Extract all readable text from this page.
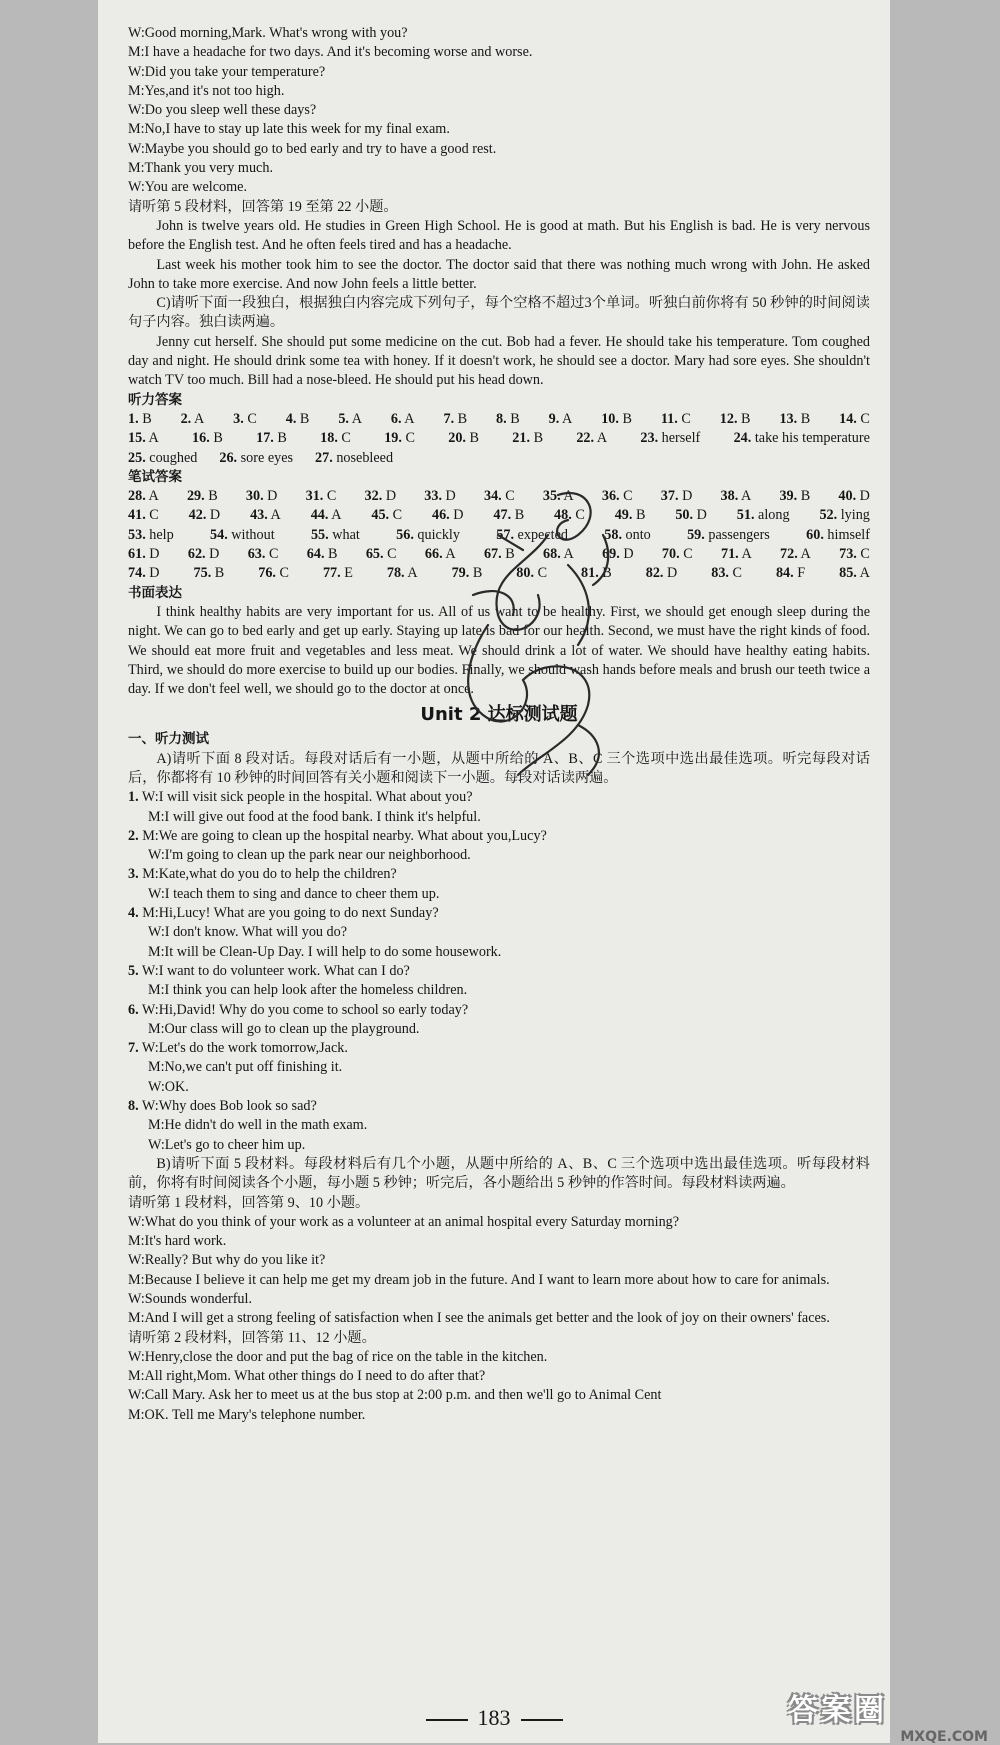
W:Good morning,Mark. What's wrong with you?
M:I have a headache for two days. And it's becoming worse and worse.
W:Did you take your temperature?
M:Yes,and it's not too high.
W:Do you sleep well these days?
M:No,I have to stay up late this week for my final exam.
W:Maybe you should go to bed early and try to have a good rest.
M:Thank you very much.
W:You are welcome.
请听第 5 段材料，回答第 19 至第 22 小题。
John is twelve years old. He studies in Green High School. He is good at math. But his English is bad. He is very nervous before the English test. And he often feels tired and has a headache.
Last week his mother took him to see the doctor. The doctor said that there was nothing much wrong with John. He asked John to take more exercise. And now John feels a little better.
C)请听下面一段独白，根据独白内容完成下列句子，每个空格不超过3个单词。听独白前你将有 50 秒钟的时间阅读句子内容。独白读两遍。
Jenny cut herself. She should put some medicine on the cut. Bob had a fever. He should take his temperature. Tom coughed day and night. He should drink some tea with honey. If it doesn't work, he should see a doctor. Mary had sore eyes. She shouldn't watch TV too much. Bill had a nose-bleed. He should put his head down.
听力答案
1. B 2. A 3. C 4. B 5. A 6. A 7. B 8. B 9. A 10. B 11. C 12. B 13. B 14. C
15. A 16. B 17. B 18. C 19. C 20. B 21. B 22. A 23. herself 24. take his temperature
25. coughed 26. sore eyes 27. nosebleed
笔试答案
28. A 29. B 30. D 31. C 32. D 33. D 34. C 35. A 36. C 37. D 38. A 39. B 40. D
41. C 42. D 43. A 44. A 45. C 46. D 47. B 48. C 49. B 50. D 51. along 52. lying
53. help	54. without	55. what	56. quickly	57. expected	58. onto	59. passengers	60. himself
61. D 62. D 63. C 64. B 65. C 66. A 67. B 68. A 69. D 70. C 71. A 72. A 73. C
74. D 75. B 76. C 77. E 78. A 79. B 80. C 81. B 82. D 83. C 84. F 85. A
书面表达
I think healthy habits are very important for us. All of us want to be healthy. First, we should get enough sleep during the night. We can go to bed early and get up early. Staying up late is bad for our health. Second, we must have the right kinds of food. We should eat more fruit and vegetables and less meat. We should drink a lot of water. We should have healthy eating habits. Third, we should do more exercise to build up our bodies. Finally, we should wash hands before meals and brush our teeth twice a day. If we don't feel well, we should go to the doctor at once.
Unit 2 达标测试题
一、听力测试
A)请听下面 8 段对话。每段对话后有一小题，从题中所给的 A、B、C 三个选项中选出最佳选项。听完每段对话后，你都将有 10 秒钟的时间回答有关小题和阅读下一小题。每段对话读两遍。
1. W:I will visit sick people in the hospital. What about you?
M:I will give out food at the food bank. I think it's helpful.
2. M:We are going to clean up the hospital nearby. What about you,Lucy?
W:I'm going to clean up the park near our neighborhood.
3. M:Kate,what do you do to help the children?
W:I teach them to sing and dance to cheer them up.
4. M:Hi,Lucy! What are you going to do next Sunday?
W:I don't know. What will you do?
M:It will be Clean-Up Day. I will help to do some housework.
5. W:I want to do volunteer work. What can I do?
M:I think you can help look after the homeless children.
6. W:Hi,David! Why do you come to school so early today?
M:Our class will go to clean up the playground.
7. W:Let's do the work tomorrow,Jack.
M:No,we can't put off finishing it.
W:OK.
8. W:Why does Bob look so sad?
M:He didn't do well in the math exam.
W:Let's go to cheer him up.
B)请听下面 5 段材料。每段材料后有几个小题，从题中所给的 A、B、C 三个选项中选出最佳选项。听每段材料前，你将有时间阅读各个小题，每小题 5 秒钟；听完后，各小题给出 5 秒钟的作答时间。每段材料读两遍。
请听第 1 段材料，回答第 9、10 小题。
W:What do you think of your work as a volunteer at an animal hospital every Saturday morning?
M:It's hard work.
W:Really? But why do you like it?
M:Because I believe it can help me get my dream job in the future. And I want to learn more about how to care for animals.
W:Sounds wonderful.
M:And I will get a strong feeling of satisfaction when I see the animals get better and the look of joy on their owners' faces.
请听第 2 段材料，回答第 11、12 小题。
W:Henry,close the door and put the bag of rice on the table in the kitchen.
M:All right,Mom. What other things do I need to do after that?
W:Call Mary. Ask her to meet us at the bus stop at 2:00 p.m. and then we'll go to Animal Cent
M:OK. Tell me Mary's telephone number.
183	答案圈
MXQE.COM
